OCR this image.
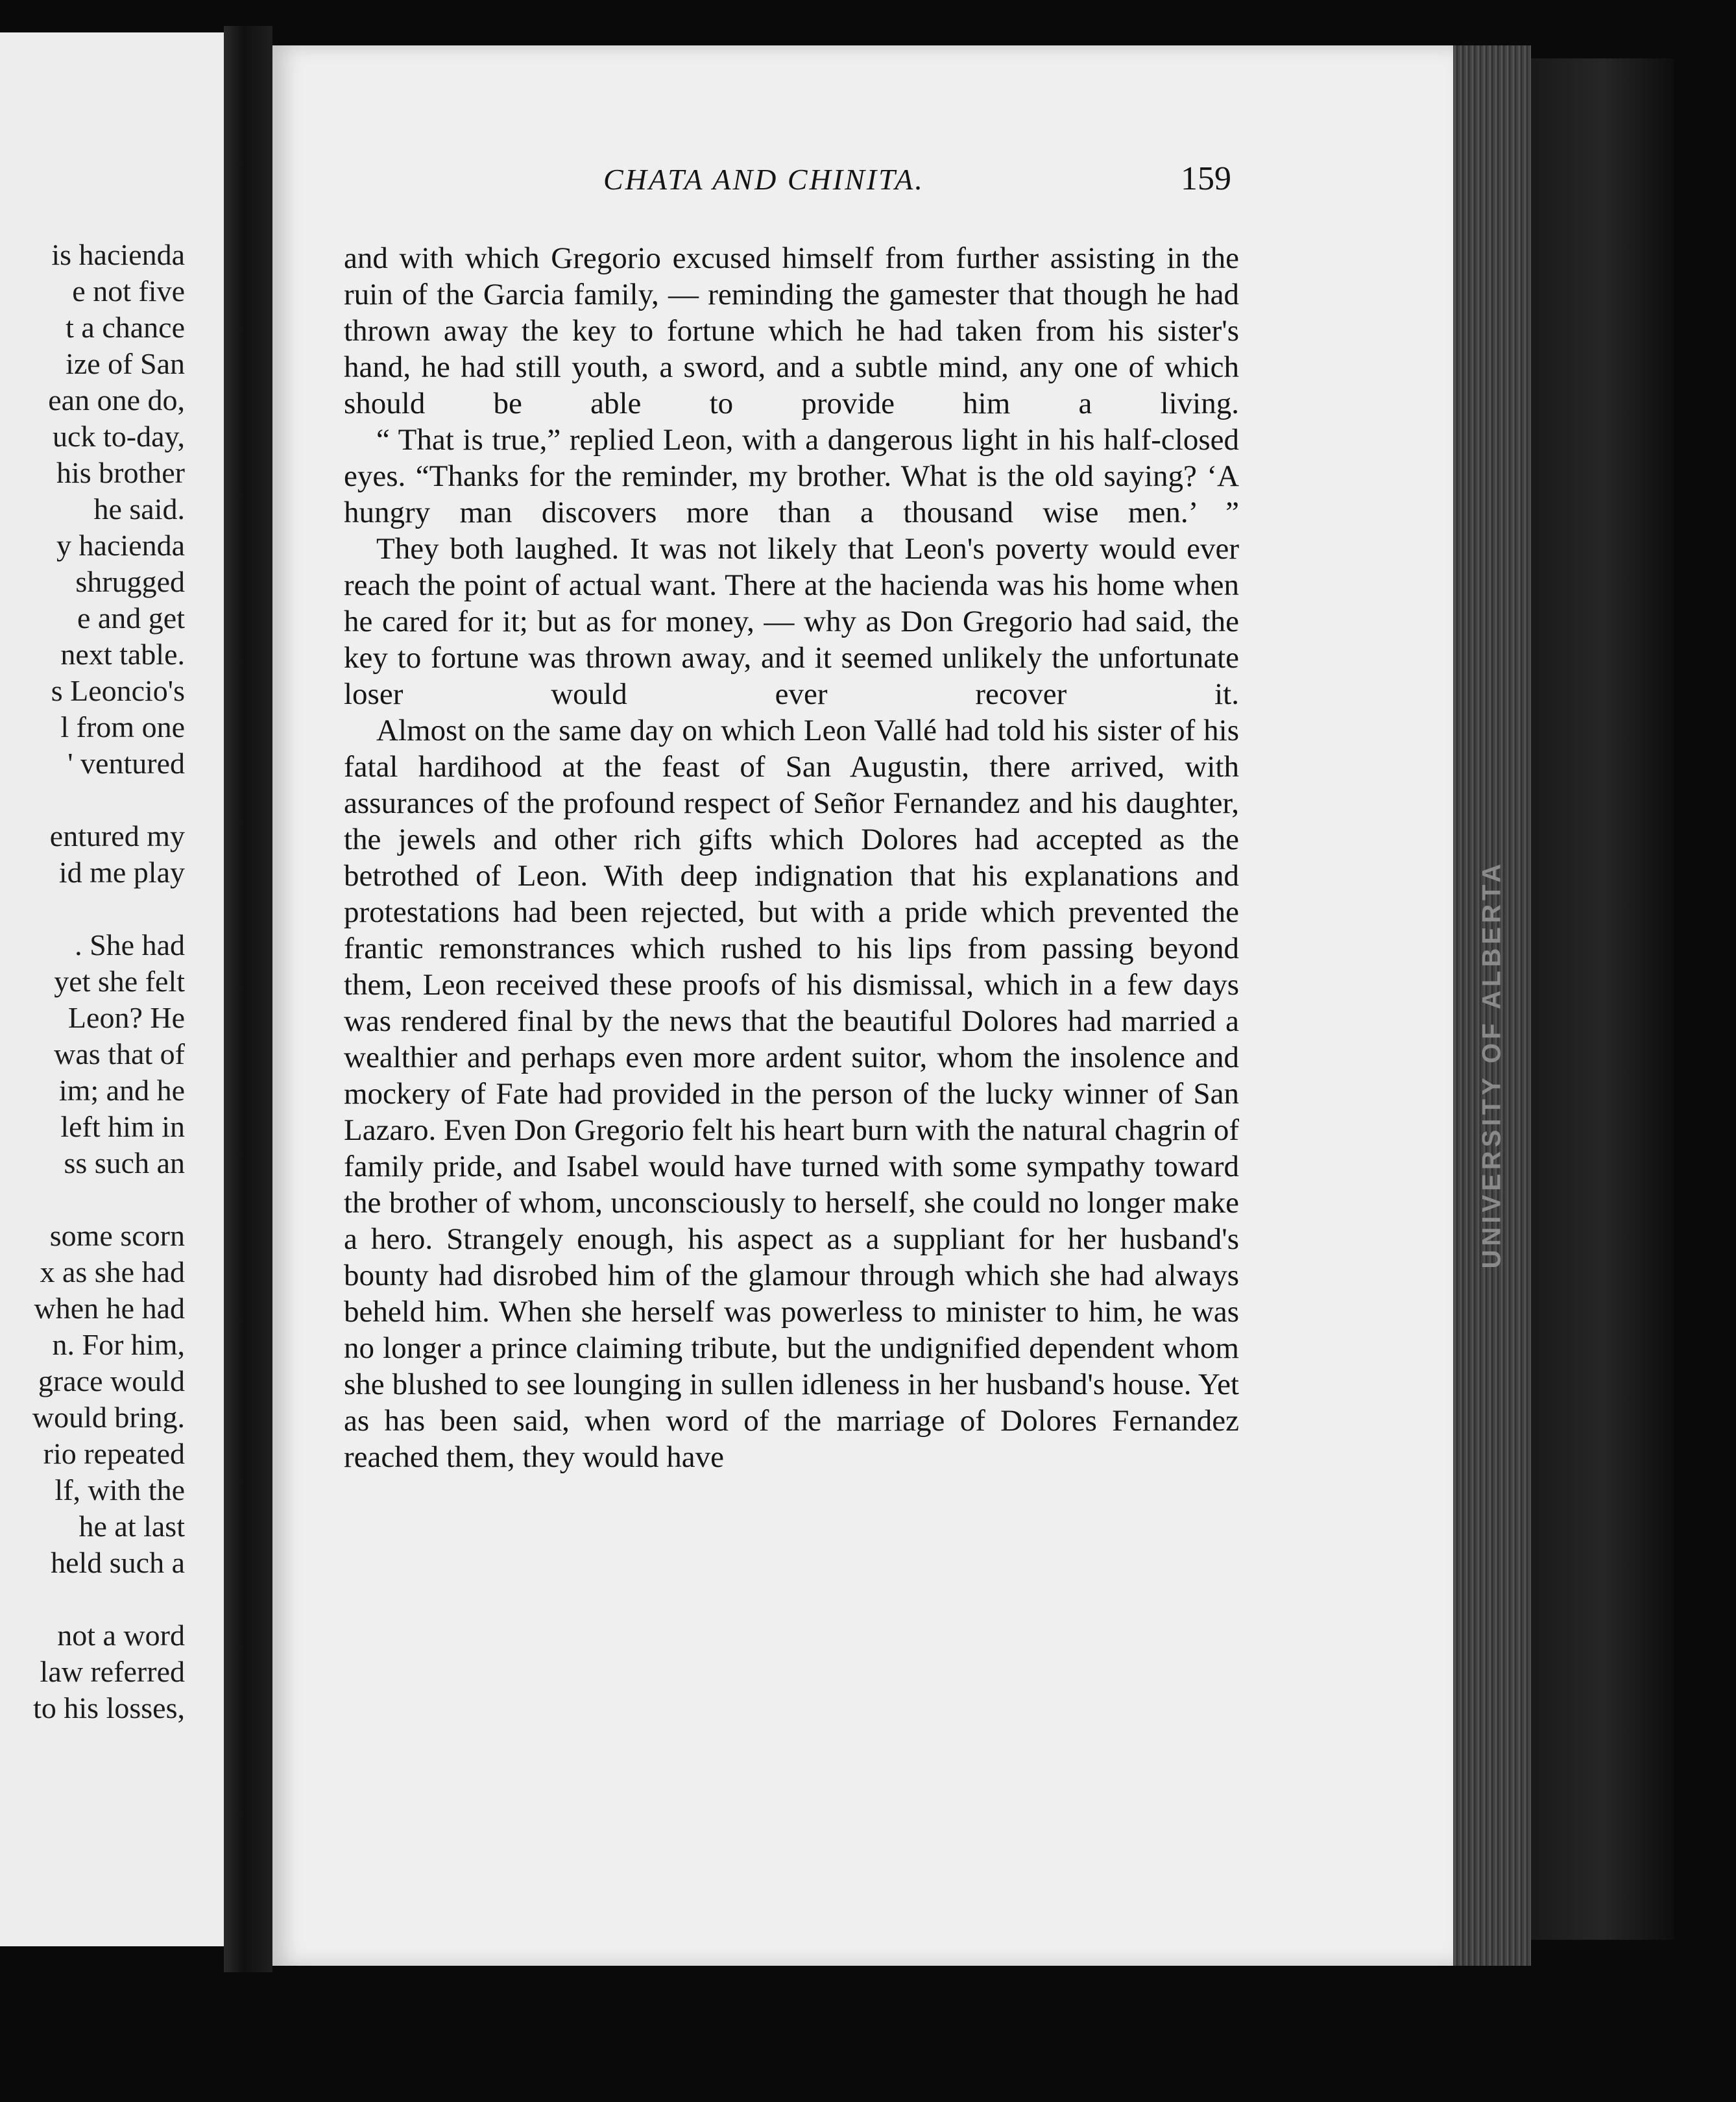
is hacienda
e not five
t a chance
ize of San
ean one do,
uck to-day,
his brother
he said.
y hacienda
shrugged
e and get
next table.
s Leoncio's
l from one
' ventured
entured my
id me play
. She had
yet she felt
Leon? He
was that of
im; and he
left him in
ss such an
some scorn
x as she had
when he had
n. For him,
grace would
would bring.
rio repeated
lf, with the
he at last
held such a
not a word
law referred
to his losses,
CHATA AND CHINITA.	159

and with which Gregorio excused himself from further assisting in the ruin of the Garcia family, — reminding the gamester that though he had thrown away the key to fortune which he had taken from his sister's hand, he had still youth, a sword, and a subtle mind, any one of which should be able to provide him a living.

“ That is true,” replied Leon, with a dangerous light in his half-closed eyes. “Thanks for the reminder, my brother. What is the old saying? ‘A hungry man discovers more than a thousand wise men.’ ”

They both laughed. It was not likely that Leon's poverty would ever reach the point of actual want. There at the hacienda was his home when he cared for it; but as for money, — why as Don Gregorio had said, the key to fortune was thrown away, and it seemed unlikely the unfortunate loser would ever recover it.

Almost on the same day on which Leon Vallé had told his sister of his fatal hardihood at the feast of San Augustin, there arrived, with assurances of the profound respect of Señor Fernandez and his daughter, the jewels and other rich gifts which Dolores had accepted as the betrothed of Leon. With deep indignation that his explanations and protestations had been rejected, but with a pride which prevented the frantic remonstrances which rushed to his lips from passing beyond them, Leon received these proofs of his dismissal, which in a few days was rendered final by the news that the beautiful Dolores had married a wealthier and perhaps even more ardent suitor, whom the insolence and mockery of Fate had provided in the person of the lucky winner of San Lazaro. Even Don Gregorio felt his heart burn with the natural chagrin of family pride, and Isabel would have turned with some sympathy toward the brother of whom, unconsciously to herself, she could no longer make a hero. Strangely enough, his aspect as a suppliant for her husband's bounty had disrobed him of the glamour through which she had always beheld him. When she herself was powerless to minister to him, he was no longer a prince claiming tribute, but the undignified dependent whom she blushed to see lounging in sullen idleness in her husband's house. Yet as has been said, when word of the marriage of Dolores Fernandez reached them, they would have

UNIVERSITY OF ALBERTA
